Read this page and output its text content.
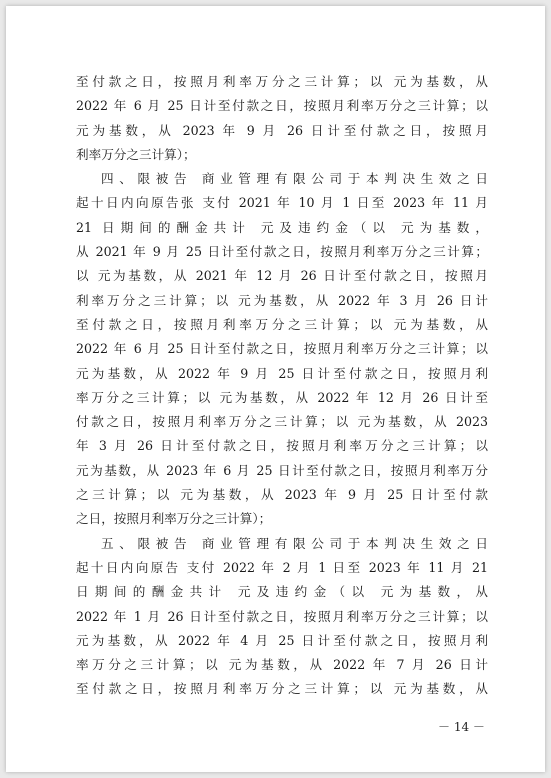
至付款之日，按照月利率万分之三计算；以 元为基数，从
2022 年 6 月 25 日计至付款之日，按照月利率万分之三计算；以
元为基数，从 2023 年 9 月 26 日计至付款之日，按照月
利率万分之三计算）；
四、限被告 商业管理有限公司于本判决生效之日
起十日内向原告张 支付 2021 年 10 月 1 日至 2023 年 11 月
21 日期间的酬金共计 元及违约金（以 元为基数，
从 2021 年 9 月 25 日计至付款之日，按照月利率万分之三计算；
以 元为基数，从 2021 年 12 月 26 日计至付款之日，按照月
利率万分之三计算；以 元为基数，从 2022 年 3 月 26 日计
至付款之日，按照月利率万分之三计算；以 元为基数，从
2022 年 6 月 25 日计至付款之日，按照月利率万分之三计算；以
元为基数，从 2022 年 9 月 25 日计至付款之日，按照月利
率万分之三计算；以 元为基数，从 2022 年 12 月 26 日计至
付款之日，按照月利率万分之三计算；以 元为基数，从 2023
年 3 月 26 日计至付款之日，按照月利率万分之三计算；以
元为基数，从 2023 年 6 月 25 日计至付款之日，按照月利率万分
之三计算；以 元为基数，从 2023 年 9 月 25 日计至付款
之日，按照月利率万分之三计算）；
五、限被告 商业管理有限公司于本判决生效之日
起十日内向原告 支付 2022 年 2 月 1 日至 2023 年 11 月 21
日期间的酬金共计 元及违约金（以 元为基数，从
2022 年 1 月 26 日计至付款之日，按照月利率万分之三计算；以
元为基数，从 2022 年 4 月 25 日计至付款之日，按照月利
率万分之三计算；以 元为基数，从 2022 年 7 月 26 日计
至付款之日，按照月利率万分之三计算；以 元为基数，从
－ 14 －
